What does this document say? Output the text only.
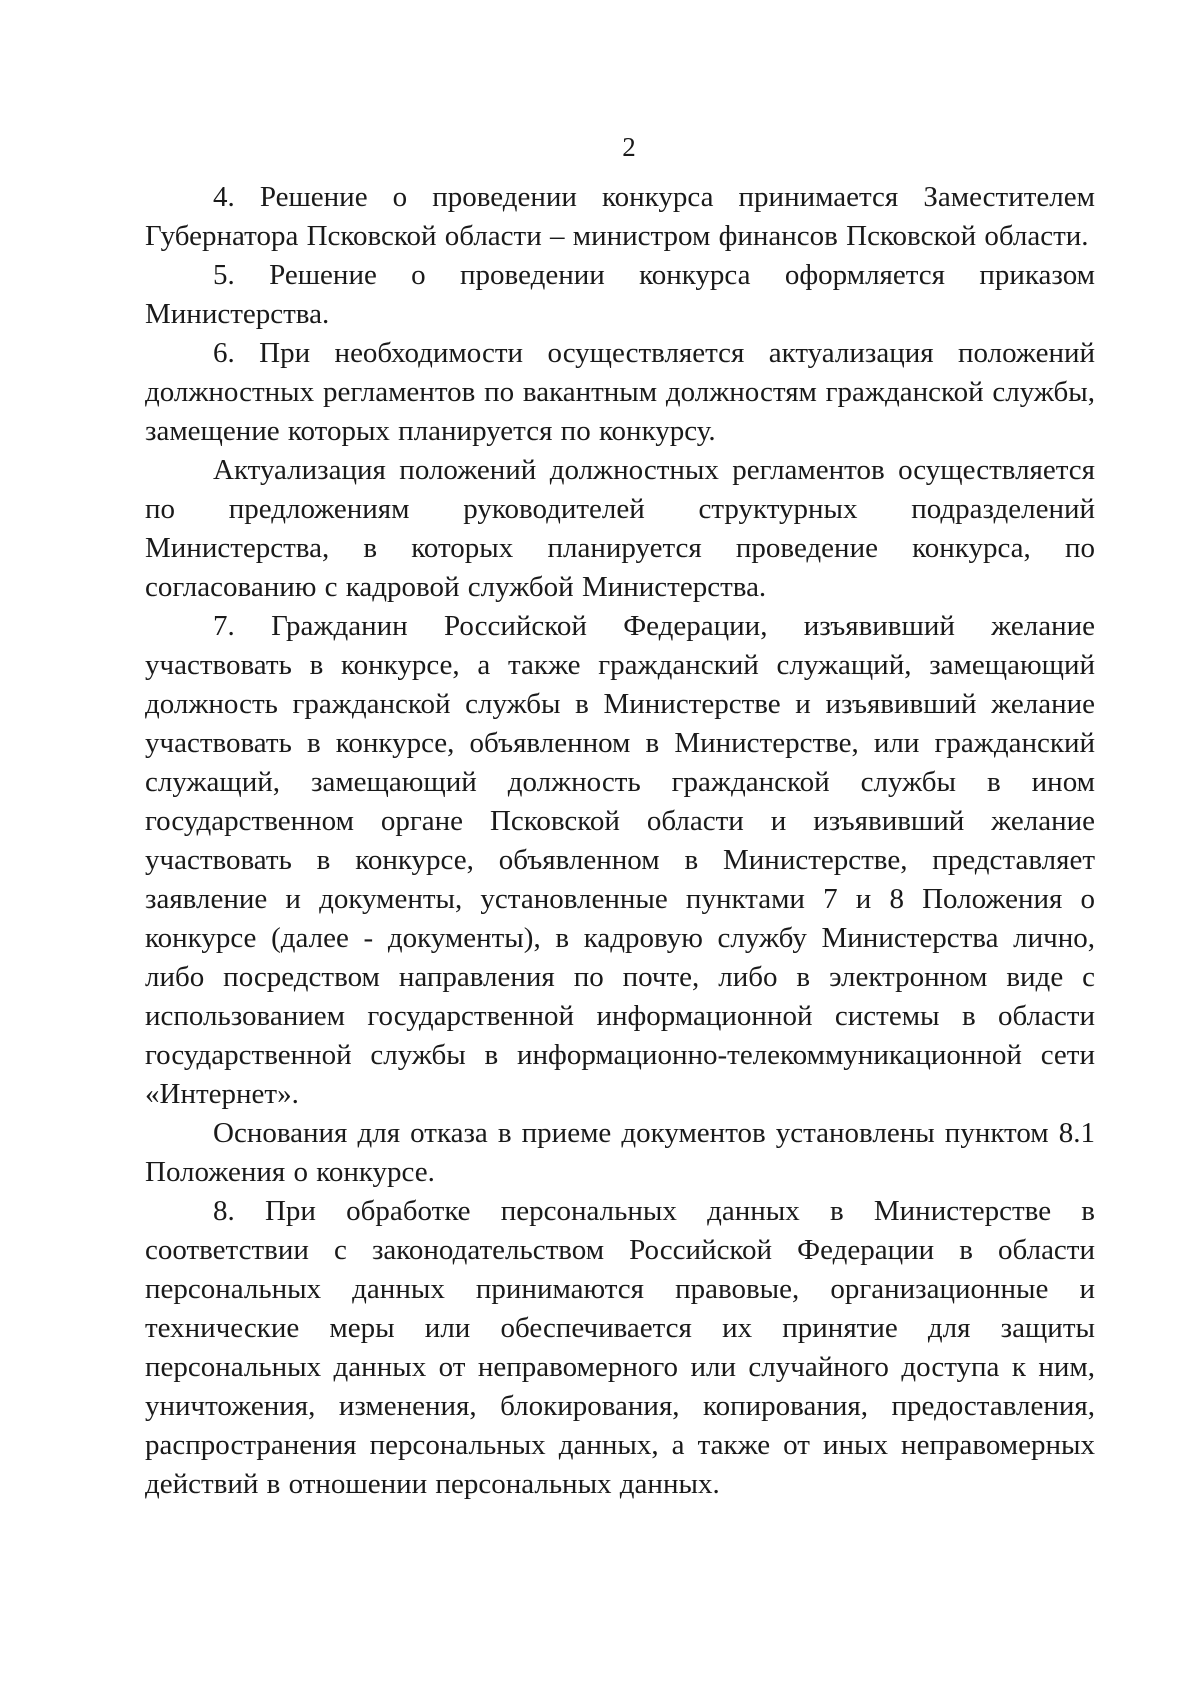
2

4. Решение о проведении конкурса принимается Заместителем Губернатора Псковской области – министром финансов Псковской области.

5. Решение о проведении конкурса оформляется приказом Министерства.

6. При необходимости осуществляется актуализация положений должностных регламентов по вакантным должностям гражданской службы, замещение которых планируется по конкурсу.

Актуализация положений должностных регламентов осуществляется по предложениям руководителей структурных подразделений Министерства, в которых планируется проведение конкурса, по согласованию с кадровой службой Министерства.

7. Гражданин Российской Федерации, изъявивший желание участвовать в конкурсе, а также гражданский служащий, замещающий должность гражданской службы в Министерстве и изъявивший желание участвовать в конкурсе, объявленном в Министерстве, или гражданский служащий, замещающий должность гражданской службы в ином государственном органе Псковской области и изъявивший желание участвовать в конкурсе, объявленном в Министерстве, представляет заявление и документы, установленные пунктами 7 и 8 Положения о конкурсе (далее - документы), в кадровую службу Министерства лично, либо посредством направления по почте, либо в электронном виде с использованием государственной информационной системы в области государственной службы в информационно-телекоммуникационной сети «Интернет».

Основания для отказа в приеме документов установлены пунктом 8.1 Положения о конкурсе.

8. При обработке персональных данных в Министерстве в соответствии с законодательством Российской Федерации в области персональных данных принимаются правовые, организационные и технические меры или обеспечивается их принятие для защиты персональных данных от неправомерного или случайного доступа к ним, уничтожения, изменения, блокирования, копирования, предоставления, распространения персональных данных, а также от иных неправомерных действий в отношении персональных данных.
